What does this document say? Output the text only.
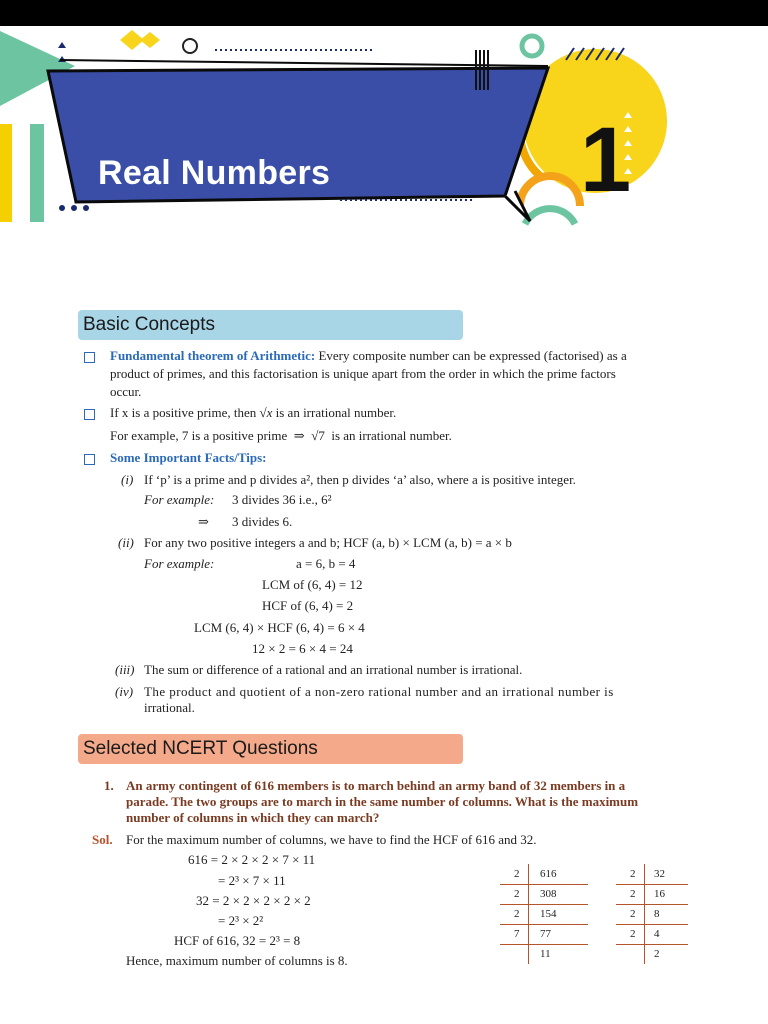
Real Numbers	1
Basic Concepts
Fundamental theorem of Arithmetic: Every composite number can be expressed (factorised) as a
product of primes, and this factorisation is unique apart from the order in which the prime factors
occur.
If x is a positive prime, then √x is an irrational number.
For example, 7 is a positive prime ⇒ √7 is an irrational number.
Some Important Facts/Tips:
(i) If ‘p’ is a prime and p divides a², then p divides ‘a’ also, where a is positive integer.
For example: 3 divides 36 i.e., 6²
⇒ 3 divides 6.
(ii) For any two positive integers a and b; HCF (a, b) × LCM (a, b) = a × b
For example:	a = 6, b = 4
LCM of (6, 4) = 12
HCF of (6, 4) = 2
LCM (6, 4) × HCF (6, 4) = 6 × 4
12 × 2 = 6 × 4 = 24
(iii) The sum or difference of a rational and an irrational number is irrational.
(iv) The product and quotient of a non-zero rational number and an irrational number is
irrational.
Selected NCERT Questions
1. An army contingent of 616 members is to march behind an army band of 32 members in a
parade. The two groups are to march in the same number of columns. What is the maximum
number of columns in which they can march?
Sol. For the maximum number of columns, we have to find the HCF of 616 and 32.
616 = 2 × 2 × 2 × 7 × 11
= 2³ × 7 × 11
32 = 2 × 2 × 2 × 2 × 2
= 2³ × 2²
HCF of 616, 32 = 2³ = 8
Hence, maximum number of columns is 8.
2
2
2
7
616
308
154
77
11
2
2
2
2
32
16
8
4
2
